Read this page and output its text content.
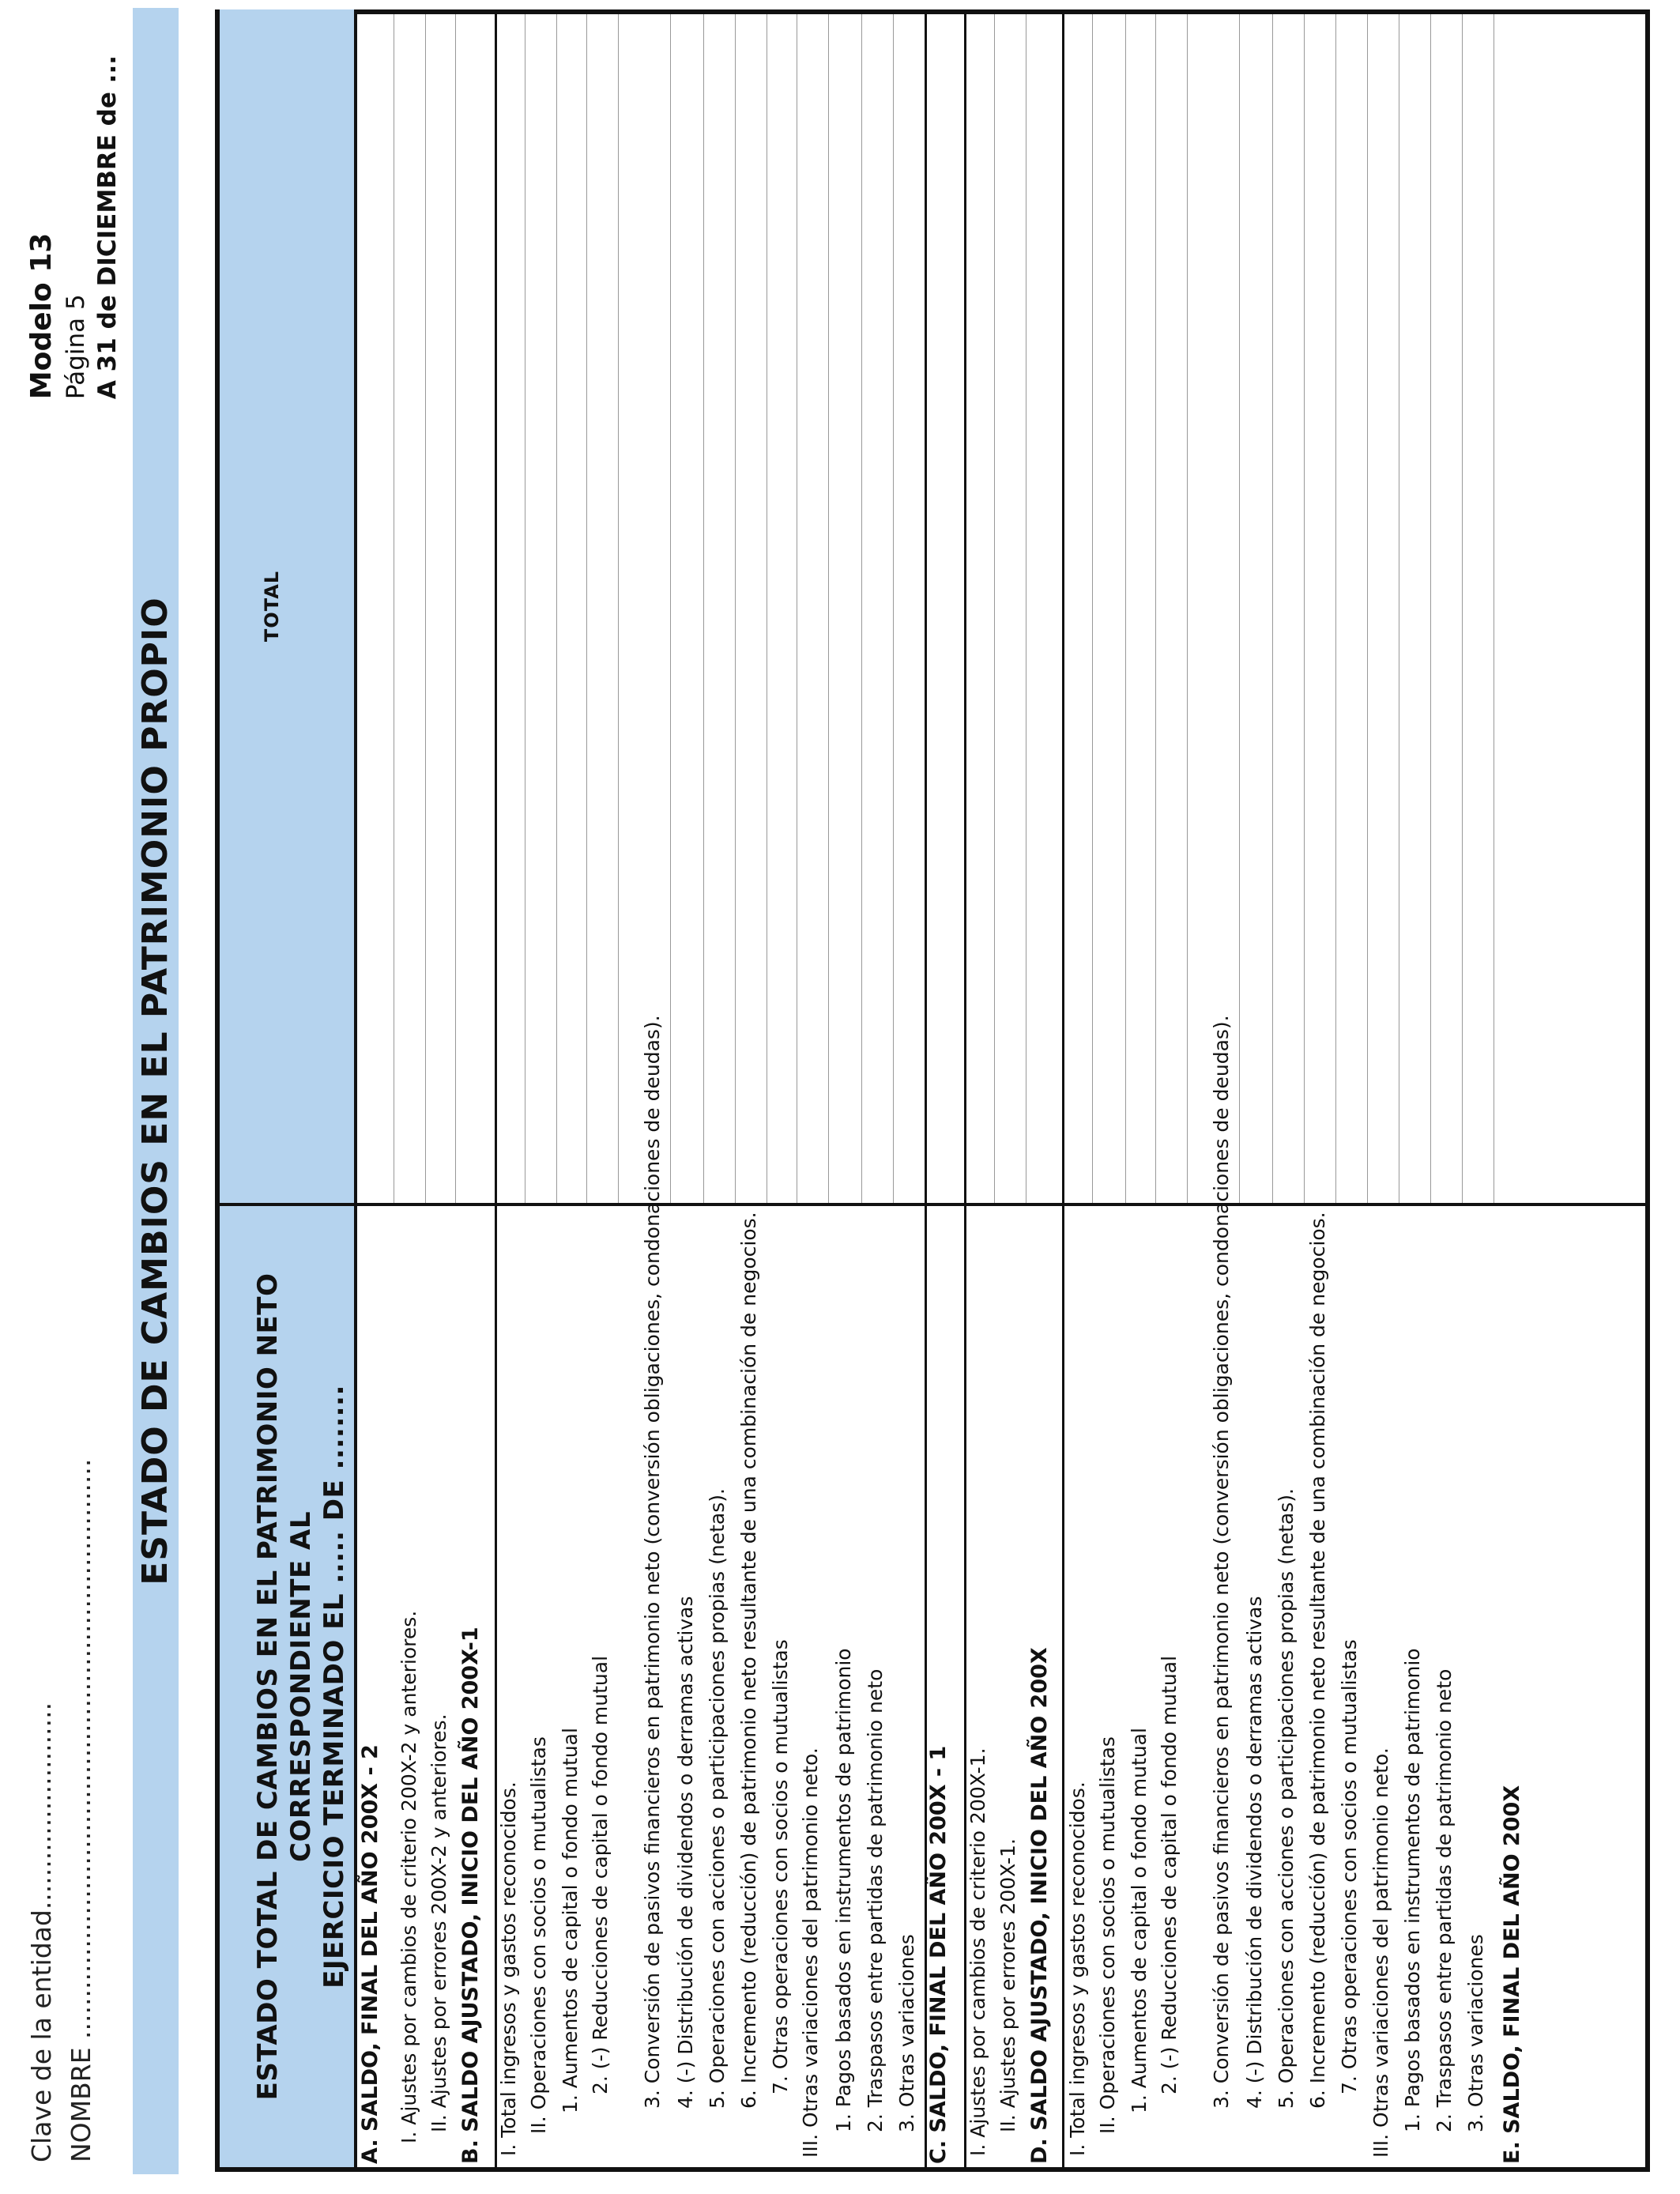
Clave de la entidad......................... NOMBRE ......................................................................
Modelo 13 Página 5 A 31 de DICIEMBRE de ...
ESTADO DE CAMBIOS EN EL PATRIMONIO PROPIO
ESTADO TOTAL DE CAMBIOS EN EL PATRIMONIO NETO CORRESPONDIENTE AL EJERCICIO TERMINADO EL ..... DE ........
TOTAL
A. SALDO, FINAL DEL AÑO 200X - 2 I. Ajustes por cambios de criterio 200X-2 y anteriores. II. Ajustes por errores 200X-2 y anteriores. B. SALDO AJUSTADO, INICIO DEL AÑO 200X-1 I. Total ingresos y gastos reconocidos. II. Operaciones con socios o mutualistas 1. Aumentos de capital o fondo mutual 2. (-) Reducciones de capital o fondo mutual 3. Conversión de pasivos financieros en patrimonio neto (conversión obligaciones, condonaciones de deudas). 4. (-) Distribución de dividendos o derramas activas 5. Operaciones con acciones o participaciones propias (netas). 6. Incremento (reducción) de patrimonio neto resultante de una combinación de negocios. 7. Otras operaciones con socios o mutualistas III. Otras variaciones del patrimonio neto. 1. Pagos basados en instrumentos de patrimonio 2. Traspasos entre partidas de patrimonio neto 3. Otras variaciones C. SALDO, FINAL DEL AÑO 200X - 1 I. Ajustes por cambios de criterio 200X-1. II. Ajustes por errores 200X-1. D. SALDO AJUSTADO, INICIO DEL AÑO 200X I. Total ingresos y gastos reconocidos. II. Operaciones con socios o mutualistas 1. Aumentos de capital o fondo mutual 2. (-) Reducciones de capital o fondo mutual 3. Conversión de pasivos financieros en patrimonio neto (conversión obligaciones, condonaciones de deudas). 4. (-) Distribución de dividendos o derramas activas 5. Operaciones con acciones o participaciones propias (netas). 6. Incremento (reducción) de patrimonio neto resultante de una combinación de negocios. 7. Otras operaciones con socios o mutualistas III. Otras variaciones del patrimonio neto. 1. Pagos basados en instrumentos de patrimonio 2. Traspasos entre partidas de patrimonio neto 3. Otras variaciones E. SALDO, FINAL DEL AÑO 200X
